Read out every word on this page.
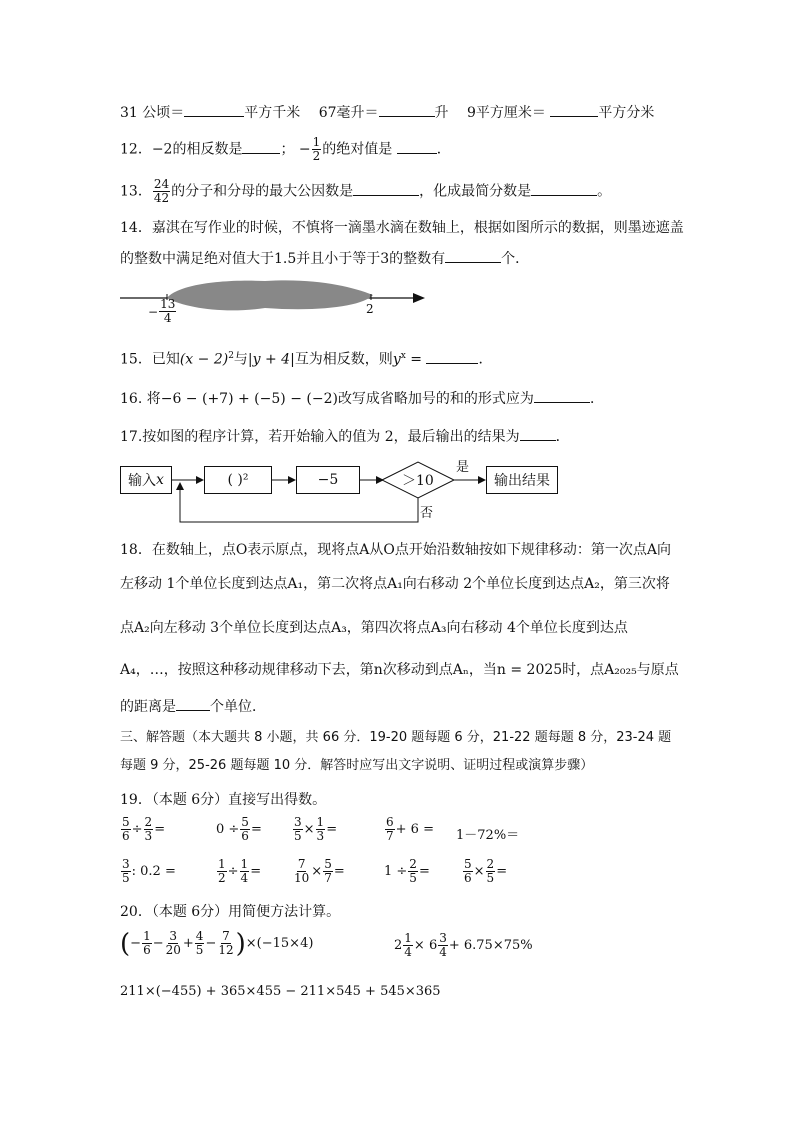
31 公顷＝	平方千米 67毫升＝	升 9平方厘米＝	平方分米
12．−2的相反数是	； − $\frac{1}{2}$ 的绝对值是	．
13． $\frac{24}{42}$ 的分子和分母的最大公因数是	，化成最简分数是	。
14．嘉淇在写作业的时候，不慎将一滴墨水滴在数轴上，根据如图所示的数据，则墨迹遮盖
的整数中满足绝对值大于1.5并且小于等于3的整数有	个．
− $\frac{13}{4}$	2
15．已知$(x - 2)^2$与|y + 4|互为相反数，则$y^x$ =	．
16. 将−6 − (+7) + (−5) − (−2)改写成省略加号的和的形式应为	．
17.按如图的程序计算，若开始输入的值为 2，最后输出的结果为	．
输入 x	( )²	−5	＞10
是
否
输出结果
18．在数轴上，点O表示原点，现将点A从O点开始沿数轴按如下规律移动：第一次点A向
左移动 1个单位长度到达点A₁，第二次将点A₁向右移动 2个单位长度到达点A₂，第三次将
点A₂向左移动 3个单位长度到达点A₃，第四次将点A₃向右移动 4个单位长度到达点
A₄，…，按照这种移动规律移动下去，第n次移动到点Aₙ，当n = 2025时，点A₂₀₂₅与原点
的距离是 个单位．
三、解答题（本大题共 8 小题，共 66 分．19-20 题每题 6 分，21-22 题每题 8 分，23-24 题
每题 9 分，25-26 题每题 10 分．解答时应写出文字说明、证明过程或演算步骤）
19．（本题 6分）直接写出得数。
$\frac{5}{6} \div \frac{2}{3}$ =	$0 \div \frac{5}{6}$ =	$\frac{3}{5} \times \frac{1}{3}$ =	$\frac{6}{7} + 6 = 1-72\%=$
$\frac{3}{5}$ : 0.2 =	$\frac{1}{2} \div \frac{1}{4}$ =	$\frac{7}{10} \times \frac{5}{7}$ =	$1 \div \frac{2}{5}$ =	$\frac{5}{6} \times \frac{2}{5}$ =
20．（本题 6分）用简便方法计算。
( − $\frac{1}{6} - \frac{3}{20} + \frac{4}{5} - \frac{7}{12}$ ) ×(−15×4)	$2 \frac{1}{4} \times 6 \frac{3}{4} + 6.75\times 75\%$
211×(−455) + 365×455 − 211×545 + 545×365
